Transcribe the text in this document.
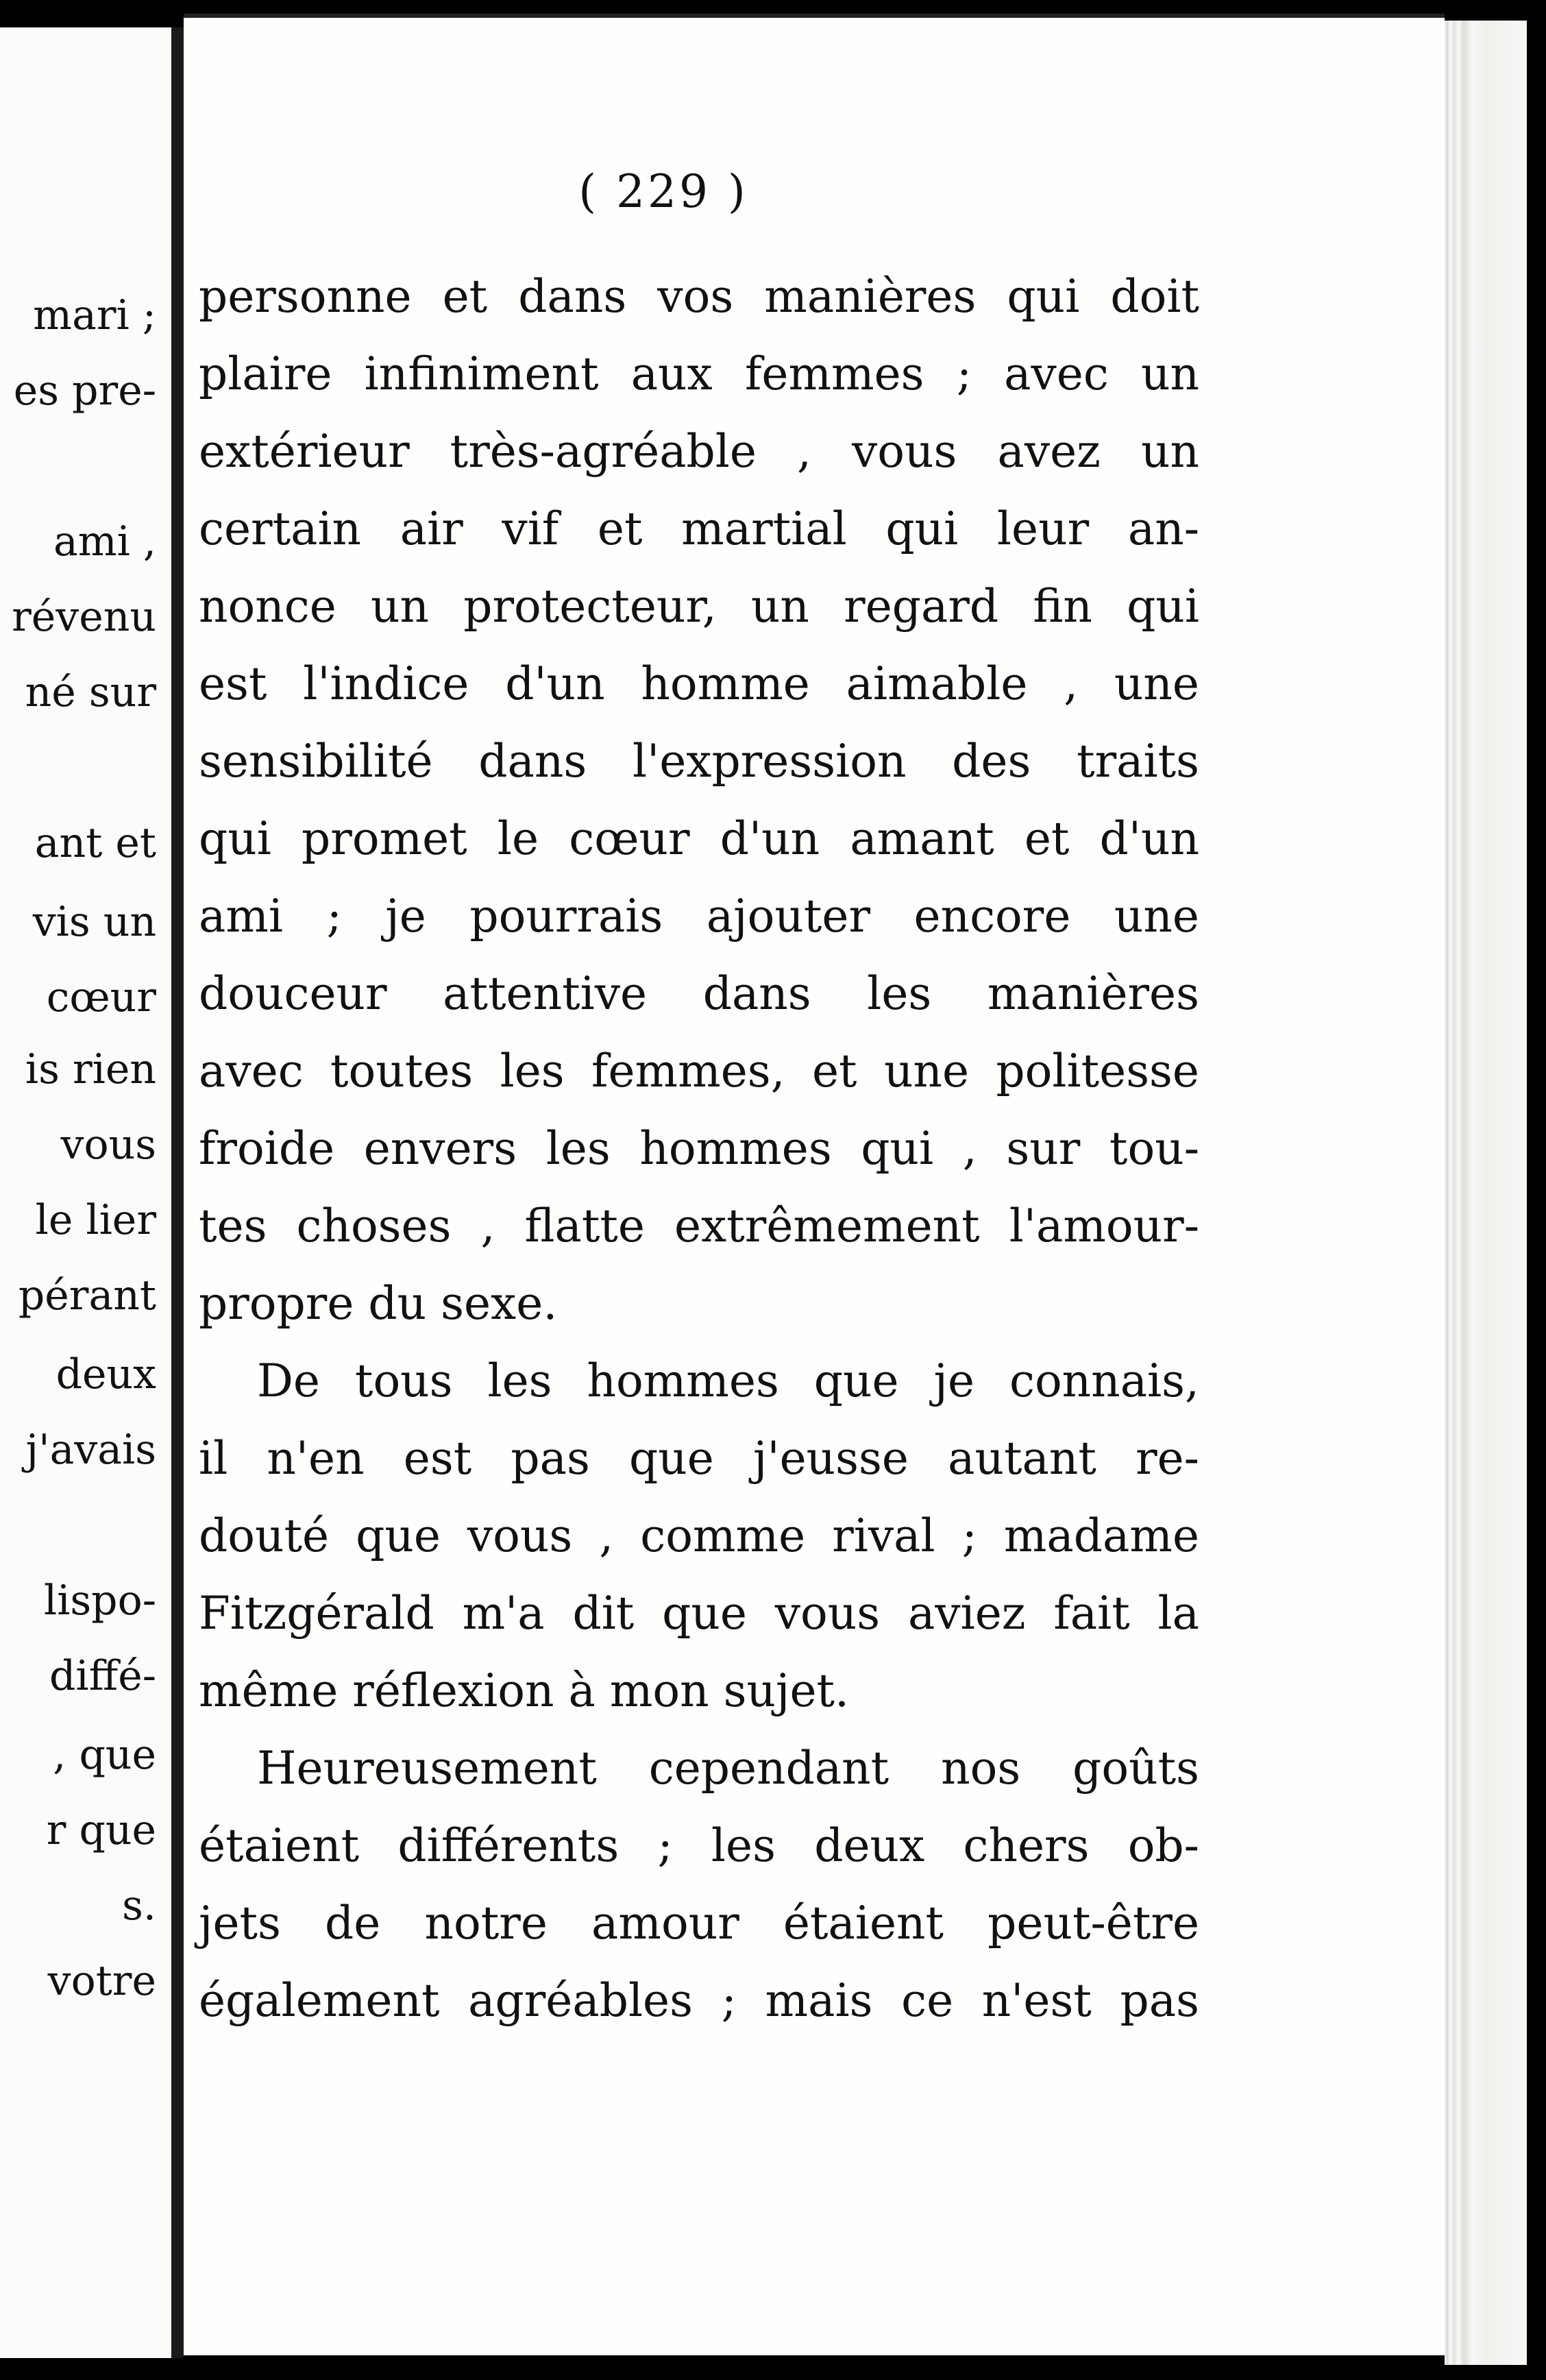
mari ;
es pre-
ami ,
révenu
né sur
ant et
vis un
cœur
is rien
vous
le lier
pérant
deux
j'avais
lispo-
diffé-
, que
r que
s.
votre
( 229 )
personne et dans vos manières qui doit
plaire infiniment aux femmes ; avec un
extérieur très-agréable , vous avez un
certain air vif et martial qui leur an-
nonce un protecteur, un regard fin qui
est l'indice d'un homme aimable , une
sensibilité dans l'expression des traits
qui promet le cœur d'un amant et d'un
ami ; je pourrais ajouter encore une
douceur attentive dans les manières
avec toutes les femmes, et une politesse
froide envers les hommes qui , sur tou-
tes choses , flatte extrêmement l'amour-
propre du sexe.
De tous les hommes que je connais,
il n'en est pas que j'eusse autant re-
douté que vous , comme rival ; madame
Fitzgérald m'a dit que vous aviez fait la
même réflexion à mon sujet.
Heureusement cependant nos goûts
étaient différents ; les deux chers ob-
jets de notre amour étaient peut-être
également agréables ; mais ce n'est pas
